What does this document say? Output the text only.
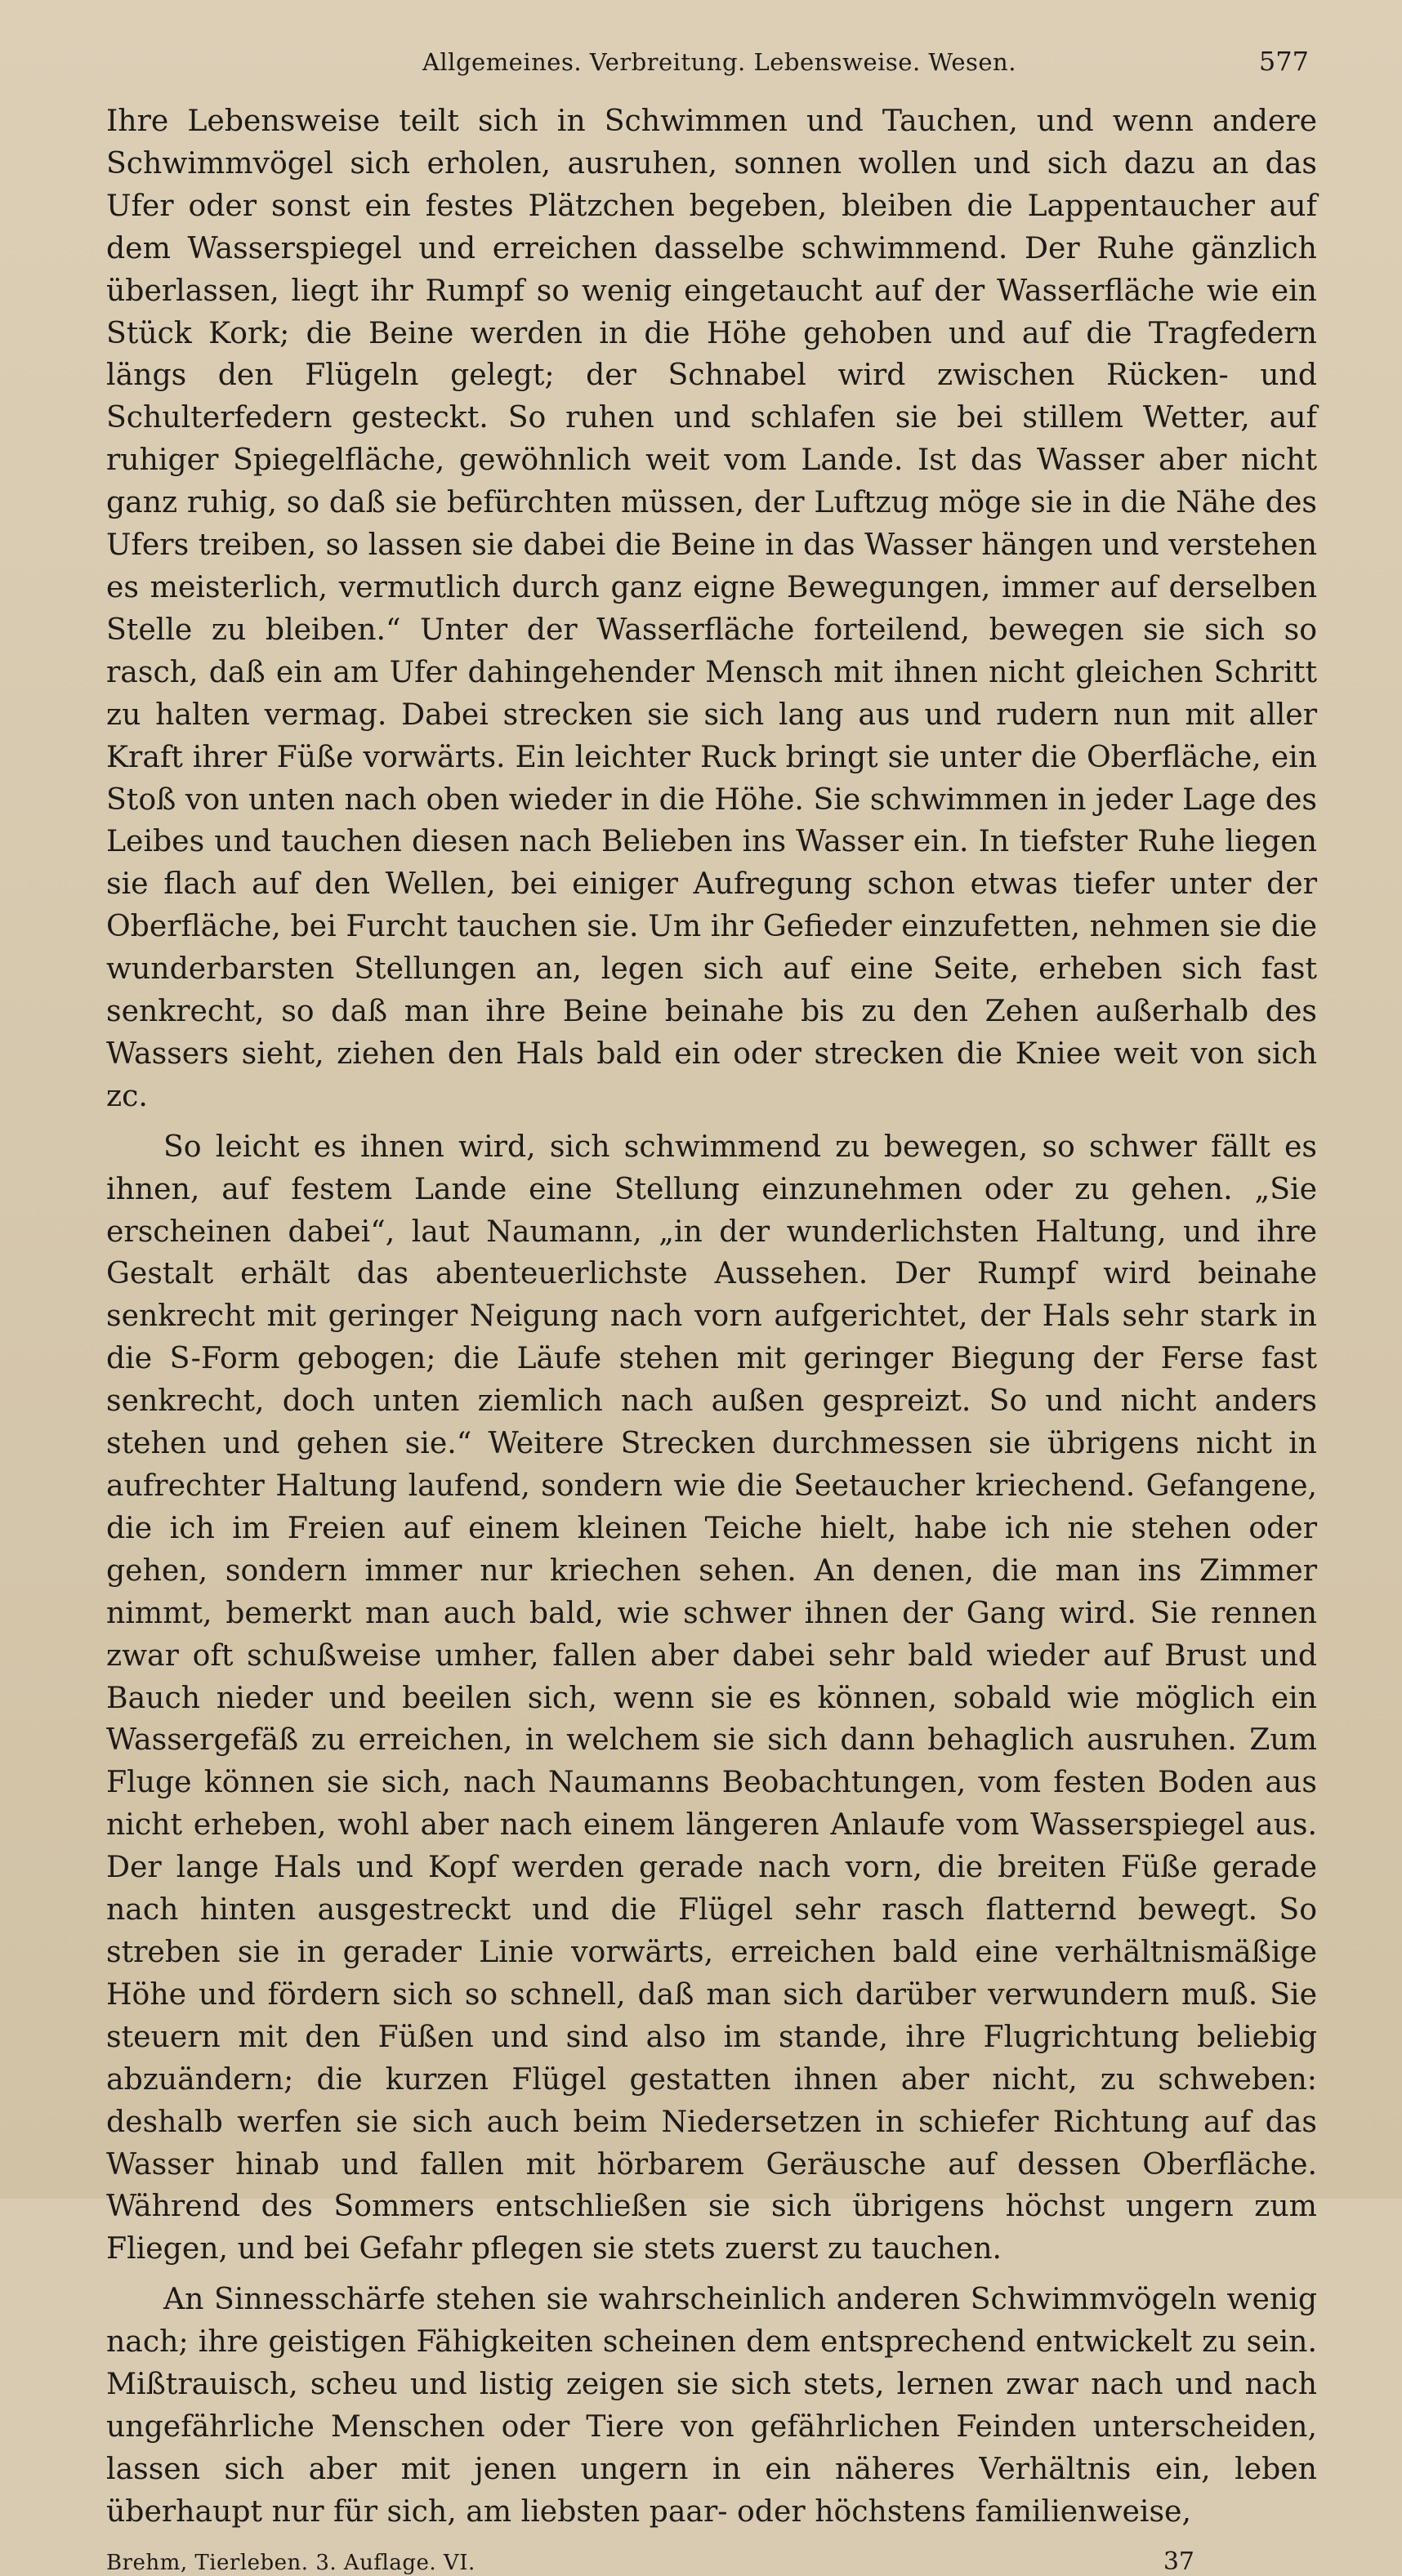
Allgemeines. Verbreitung. Lebensweise. Wesen.	577

Ihre Lebensweise teilt sich in Schwimmen und Tauchen, und wenn andere Schwimmvögel sich erholen, ausruhen, sonnen wollen und sich dazu an das Ufer oder sonst ein festes Plätzchen begeben, bleiben die Lappentaucher auf dem Wasserspiegel und erreichen dasselbe schwimmend. Der Ruhe gänzlich überlassen, liegt ihr Rumpf so wenig eingetaucht auf der Wasserfläche wie ein Stück Kork; die Beine werden in die Höhe gehoben und auf die Tragfedern längs den Flügeln gelegt; der Schnabel wird zwischen Rücken- und Schulterfedern gesteckt. So ruhen und schlafen sie bei stillem Wetter, auf ruhiger Spiegelfläche, gewöhnlich weit vom Lande. Ist das Wasser aber nicht ganz ruhig, so daß sie befürchten müssen, der Luftzug möge sie in die Nähe des Ufers treiben, so lassen sie dabei die Beine in das Wasser hängen und verstehen es meisterlich, vermutlich durch ganz eigne Bewegungen, immer auf derselben Stelle zu bleiben.“ Unter der Wasserfläche forteilend, bewegen sie sich so rasch, daß ein am Ufer dahingehender Mensch mit ihnen nicht gleichen Schritt zu halten vermag. Dabei strecken sie sich lang aus und rudern nun mit aller Kraft ihrer Füße vorwärts. Ein leichter Ruck bringt sie unter die Oberfläche, ein Stoß von unten nach oben wieder in die Höhe. Sie schwimmen in jeder Lage des Leibes und tauchen diesen nach Belieben ins Wasser ein. In tiefster Ruhe liegen sie flach auf den Wellen, bei einiger Aufregung schon etwas tiefer unter der Oberfläche, bei Furcht tauchen sie. Um ihr Gefieder einzufetten, nehmen sie die wunderbarsten Stellungen an, legen sich auf eine Seite, erheben sich fast senkrecht, so daß man ihre Beine beinahe bis zu den Zehen außerhalb des Wassers sieht, ziehen den Hals bald ein oder strecken die Kniee weit von sich zc.

So leicht es ihnen wird, sich schwimmend zu bewegen, so schwer fällt es ihnen, auf festem Lande eine Stellung einzunehmen oder zu gehen. „Sie erscheinen dabei“, laut Naumann, „in der wunderlichsten Haltung, und ihre Gestalt erhält das abenteuerlichste Aussehen. Der Rumpf wird beinahe senkrecht mit geringer Neigung nach vorn aufgerichtet, der Hals sehr stark in die S-Form gebogen; die Läufe stehen mit geringer Biegung der Ferse fast senkrecht, doch unten ziemlich nach außen gespreizt. So und nicht anders stehen und gehen sie.“ Weitere Strecken durchmessen sie übrigens nicht in aufrechter Haltung laufend, sondern wie die Seetaucher kriechend. Gefangene, die ich im Freien auf einem kleinen Teiche hielt, habe ich nie stehen oder gehen, sondern immer nur kriechen sehen. An denen, die man ins Zimmer nimmt, bemerkt man auch bald, wie schwer ihnen der Gang wird. Sie rennen zwar oft schußweise umher, fallen aber dabei sehr bald wieder auf Brust und Bauch nieder und beeilen sich, wenn sie es können, sobald wie möglich ein Wassergefäß zu erreichen, in welchem sie sich dann behaglich ausruhen. Zum Fluge können sie sich, nach Naumanns Beobachtungen, vom festen Boden aus nicht erheben, wohl aber nach einem längeren Anlaufe vom Wasserspiegel aus. Der lange Hals und Kopf werden gerade nach vorn, die breiten Füße gerade nach hinten ausgestreckt und die Flügel sehr rasch flatternd bewegt. So streben sie in gerader Linie vorwärts, erreichen bald eine verhältnismäßige Höhe und fördern sich so schnell, daß man sich darüber verwundern muß. Sie steuern mit den Füßen und sind also im stande, ihre Flugrichtung beliebig abzuändern; die kurzen Flügel gestatten ihnen aber nicht, zu schweben: deshalb werfen sie sich auch beim Niedersetzen in schiefer Richtung auf das Wasser hinab und fallen mit hörbarem Geräusche auf dessen Oberfläche. Während des Sommers entschließen sie sich übrigens höchst ungern zum Fliegen, und bei Gefahr pflegen sie stets zuerst zu tauchen.

An Sinnesschärfe stehen sie wahrscheinlich anderen Schwimmvögeln wenig nach; ihre geistigen Fähigkeiten scheinen dem entsprechend entwickelt zu sein. Mißtrauisch, scheu und listig zeigen sie sich stets, lernen zwar nach und nach ungefährliche Menschen oder Tiere von gefährlichen Feinden unterscheiden, lassen sich aber mit jenen ungern in ein näheres Verhältnis ein, leben überhaupt nur für sich, am liebsten paar- oder höchstens familienweise,

Brehm, Tierleben. 3. Auflage. VI.	37
